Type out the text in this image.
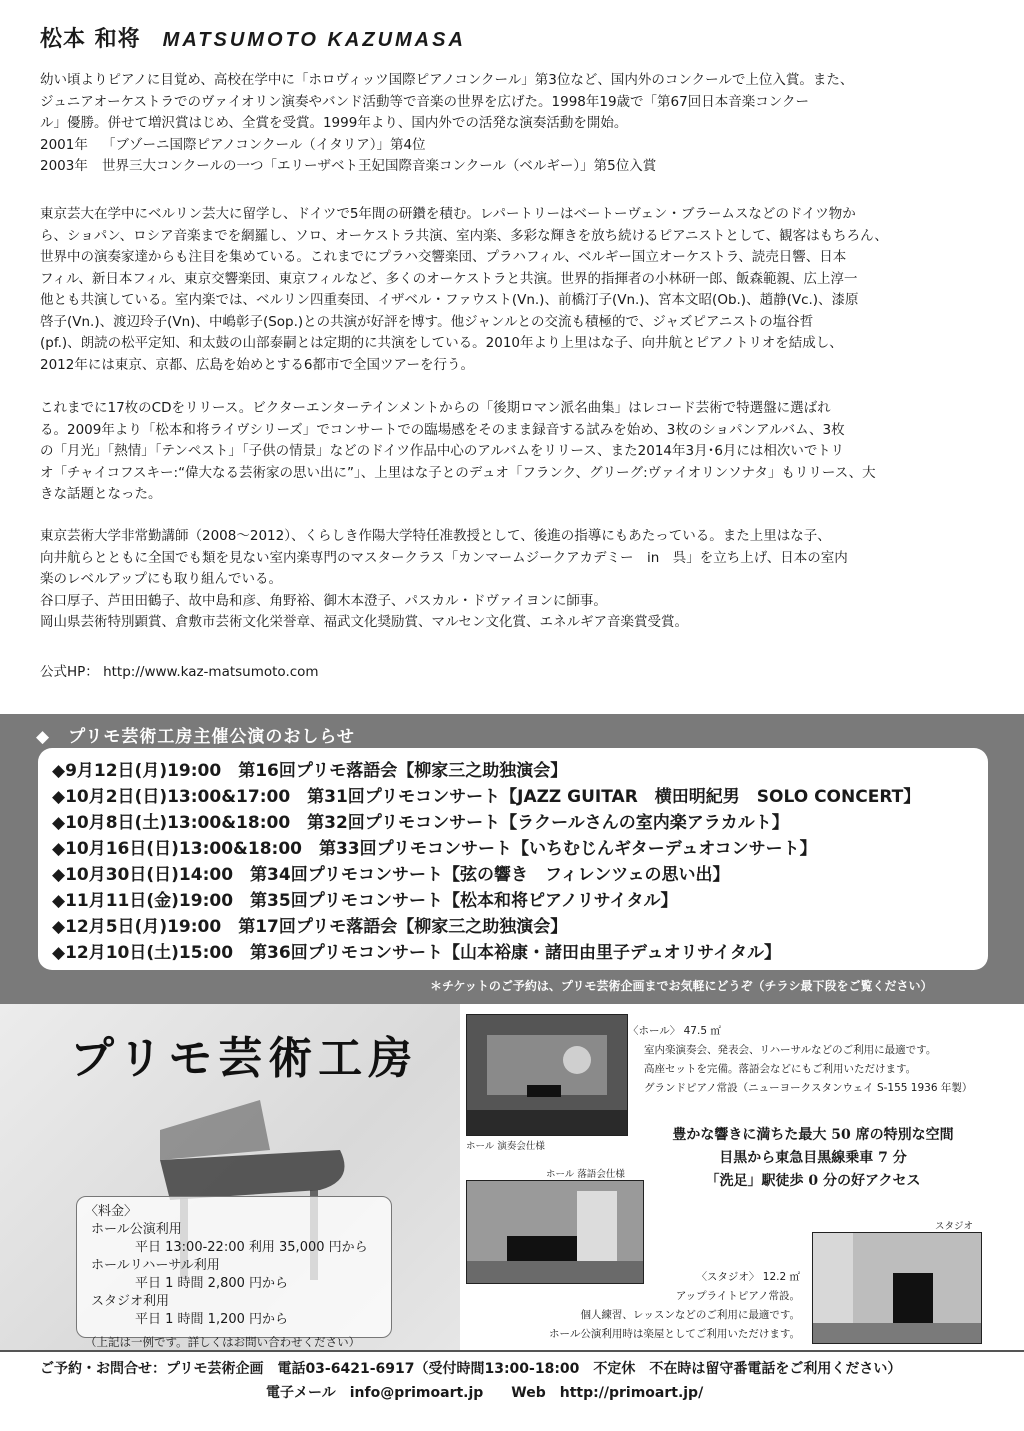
松本 和将 MATSUMOTO KAZUMASA

幼い頃よりピアノに目覚め、高校在学中に「ホロヴィッツ国際ピアノコンクール」第3位など、国内外のコンクールで上位入賞。また、

ジュニアオーケストラでのヴァイオリン演奏やバンド活動等で音楽の世界を広げた。1998年19歳で「第67回日本音楽コンクー

ル」優勝。併せて増沢賞はじめ、全賞を受賞。1999年より、国内外での活発な演奏活動を開始。

2001年 「ブゾーニ国際ピアノコンクール（イタリア）」第4位

2003年 世界三大コンクールの一つ「エリーザベト王妃国際音楽コンクール（ベルギー）」第5位入賞

東京芸大在学中にベルリン芸大に留学し、ドイツで5年間の研鑽を積む。レパートリーはベートーヴェン・ブラームスなどのドイツ物か

ら、ショパン、ロシア音楽までを網羅し、ソロ、オーケストラ共演、室内楽、多彩な輝きを放ち続けるピアニストとして、観客はもちろん、

世界中の演奏家達からも注目を集めている。これまでにプラハ交響楽団、プラハフィル、ベルギー国立オーケストラ、読売日響、日本

フィル、新日本フィル、東京交響楽団、東京フィルなど、多くのオーケストラと共演。世界的指揮者の小林研一郎、飯森範親、広上淳一

他とも共演している。室内楽では、ベルリン四重奏団、イザベル・ファウスト(Vn.)、前橋汀子(Vn.)、宮本文昭(Ob.)、趙静(Vc.)、漆原

啓子(Vn.)、渡辺玲子(Vn)、中嶋彰子(Sop.)との共演が好評を博す。他ジャンルとの交流も積極的で、ジャズピアニストの塩谷哲

(pf.)、朗読の松平定知、和太鼓の山部泰嗣とは定期的に共演をしている。2010年より上里はな子、向井航とピアノトリオを結成し、

2012年には東京、京都、広島を始めとする6都市で全国ツアーを行う。

これまでに17枚のCDをリリース。ビクターエンターテインメントからの「後期ロマン派名曲集」はレコード芸術で特選盤に選ばれ

る。2009年より「松本和将ライヴシリーズ」でコンサートでの臨場感をそのまま録音する試みを始め、3枚のショパンアルバム、3枚

の「月光」「熱情」「テンペスト」「子供の情景」などのドイツ作品中心のアルバムをリリース、また2014年3月･6月には相次いでトリ

オ「チャイコフスキー:“偉大なる芸術家の思い出に”」、上里はな子とのデュオ「フランク、グリーグ:ヴァイオリンソナタ」もリリース、大

きな話題となった。

東京芸術大学非常勤講師（2008～2012）、くらしき作陽大学特任准教授として、後進の指導にもあたっている。また上里はな子、

向井航らとともに全国でも類を見ない室内楽専門のマスタークラス「カンマームジークアカデミー　in　呉」を立ち上げ、日本の室内

楽のレベルアップにも取り組んでいる。

谷口厚子、芦田田鶴子、故中島和彦、角野裕、御木本澄子、パスカル・ドヴァイヨンに師事。

岡山県芸術特別顕賞、倉敷市芸術文化栄誉章、福武文化奨励賞、マルセン文化賞、エネルギア音楽賞受賞。

公式HP： http://www.kaz-matsumoto.com

◆　プリモ芸術工房主催公演のおしらせ
◆9月12日(月)19:00　第16回プリモ落語会【柳家三之助独演会】
◆10月2日(日)13:00&17:00　第31回プリモコンサート【JAZZ GUITAR　横田明紀男　SOLO CONCERT】
◆10月8日(土)13:00&18:00　第32回プリモコンサート【ラクールさんの室内楽アラカルト】
◆10月16日(日)13:00&18:00　第33回プリモコンサート【いちむじんギターデュオコンサート】
◆10月30日(日)14:00　第34回プリモコンサート【弦の響き　フィレンツェの思い出】
◆11月11日(金)19:00　第35回プリモコンサート【松本和将ピアノリサイタル】
◆12月5日(月)19:00　第17回プリモ落語会【柳家三之助独演会】
◆12月10日(土)15:00　第36回プリモコンサート【山本裕康・諸田由里子デュオリサイタル】
＊チケットのご予約は、プリモ芸術企画までお気軽にどうぞ（チラシ最下段をご覧ください）
プリモ芸術工房
〈料金〉
ホール公演利用
平日 13:00-22:00 利用 35,000 円から
ホールリハーサル利用
平日 1 時間 2,800 円から
スタジオ利用
平日 1 時間 1,200 円から
（上記は一例です。詳しくはお問い合わせください）
ホール 演奏会仕様
ホール 落語会仕様
スタジオ
〈ホール〉 47.5 ㎡
室内楽演奏会、発表会、リハーサルなどのご利用に最適です。
高座セットを完備。落語会などにもご利用いただけます。
グランドピアノ常設（ニューヨークスタンウェイ S-155 1936 年製）
豊かな響きに満ちた最大 50 席の特別な空間
目黒から東急目黒線乗車 7 分
「洗足」駅徒歩 0 分の好アクセス
〈スタジオ〉 12.2 ㎡
アップライトピアノ常設。
個人練習、レッスンなどのご利用に最適です。
ホール公演利用時は楽屋としてご利用いただけます。
ご予約・お問合せ：プリモ芸術企画　電話03-6421-6917（受付時間13:00-18:00　不定休　不在時は留守番電話をご利用ください）
電子メール　info@primoart.jp　　Web　http://primoart.jp/
